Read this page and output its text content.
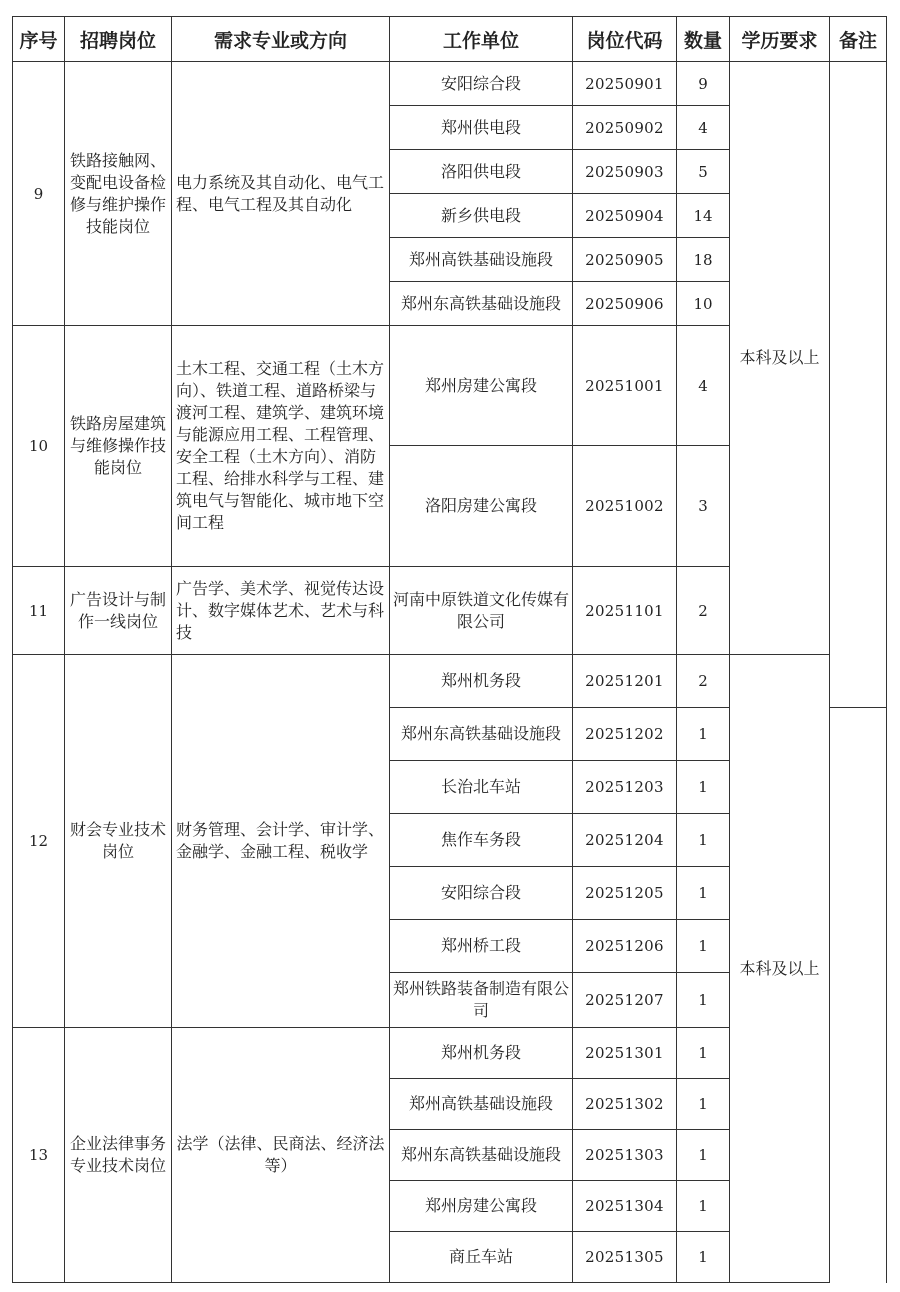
序号	招聘岗位	需求专业或方向	工作单位	岗位代码	数量	学历要求	备注	
9	铁路接触网、变配电设备检修与维护操作技能岗位	电力系统及其自动化、电气工程、电气工程及其自动化	安阳综合段	20250901	9	本科及以上		
			郑州供电段	20250902	4			
			洛阳供电段	20250903	5			
			新乡供电段	20250904	14			
			郑州高铁基础设施段	20250905	18			
			郑州东高铁基础设施段	20250906	10			
10	铁路房屋建筑与维修操作技能岗位	土木工程、交通工程（土木方向）、铁道工程、道路桥梁与渡河工程、建筑学、建筑环境与能源应用工程、工程管理、安全工程（土木方向）、消防工程、给排水科学与工程、建筑电气与智能化、城市地下空间工程	郑州房建公寓段	20251001	4			
			洛阳房建公寓段	20251002	3			
11	广告设计与制作一线岗位	广告学、美术学、视觉传达设计、数字媒体艺术、艺术与科技	河南中原铁道文化传媒有限公司	20251101	2			
12	财会专业技术岗位	财务管理、会计学、审计学、金融学、金融工程、税收学	郑州机务段	20251201	2	本科及以上	
			郑州东高铁基础设施段	20251202	1			
			长治北车站	20251203	1			
			焦作车务段	20251204	1			
			安阳综合段	20251205	1			
			郑州桥工段	20251206	1			
			郑州铁路装备制造有限公司	20251207	1			
13	企业法律事务专业技术岗位	法学（法律、民商法、经济法等）	郑州机务段	20251301	1			
			郑州高铁基础设施段	20251302	1			
			郑州东高铁基础设施段	20251303	1			
			郑州房建公寓段	20251304	1			
			商丘车站	20251305	1			
